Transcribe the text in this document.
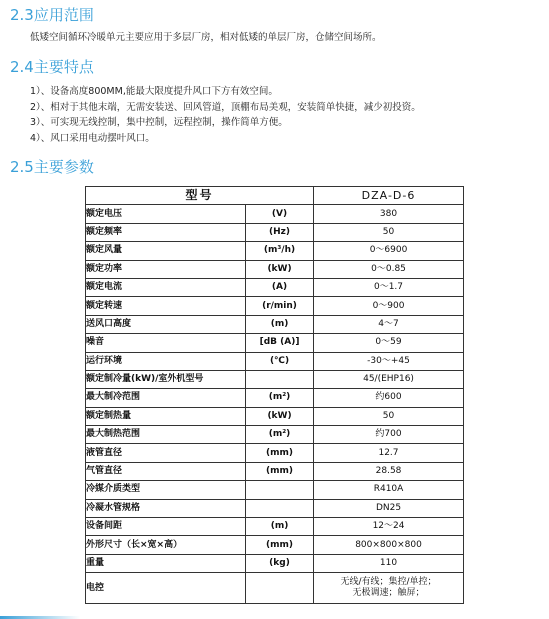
2.3应用范围

低矮空间循环冷暖单元主要应用于多层厂房，相对低矮的单层厂房，仓储空间场所。

2.4主要特点
1）、设备高度800MM,能最大限度提升风口下方有效空间。
2）、相对于其他末端，无需安装送、回风管道，顶棚布局美观，安装简单快捷，减少初投资。
3）、可实现无线控制，集中控制，远程控制，操作简单方便。
4）、风口采用电动摆叶风口。
2.5主要参数
型号		DZA-D-6
额定电压	(V)	380
额定频率	(Hz)	50
额定风量	(m³/h)	0～6900
额定功率	(kW)	0～0.85
额定电流	(A)	0～1.7
额定转速	(r/min)	0～900
送风口高度	(m)	4～7
噪音	[dB (A)]	0～59
运行环境	(℃)	-30～+45
额定制冷量(kW)/室外机型号		45/(EHP16)
最大制冷范围	(m²)	约600
额定制热量	(kW)	50
最大制热范围	(m²)	约700
液管直径	(mm)	12.7
气管直径	(mm)	28.58
冷媒介质类型		R410A
冷凝水管规格		DN25
设备间距	(m)	12～24
外形尺寸（长×宽×高）	(mm)	800×800×800
重量	(kg)	110
电控		无线/有线；集控/单控；
无极调速；触屏；
